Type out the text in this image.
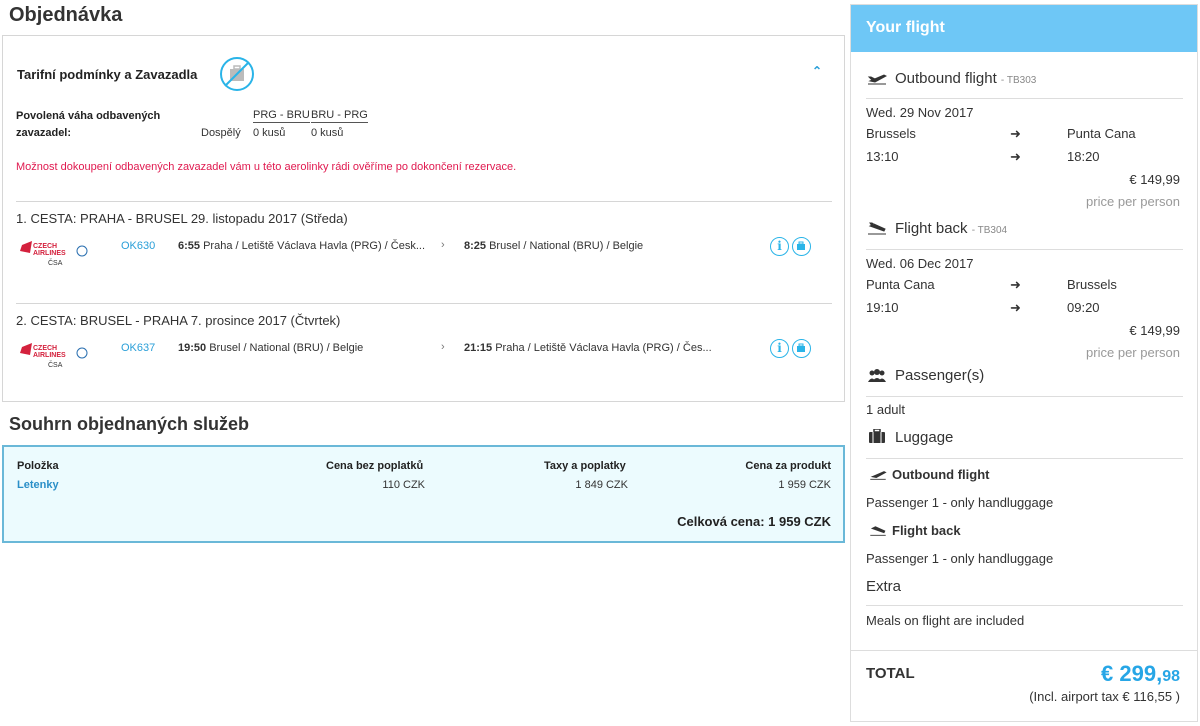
Objednávka
Tarifní podmínky a Zavazadla	⌃
Povolená váha odbavených zavazadel:
PRG - BRU BRU - PRG
Dospělý 0 kusů 0 kusů
Možnost dokoupení odbavených zavazadel vám u této aerolinky rádi ověříme po dokončení rezervace.
1. CESTA: PRAHA - BRUSEL 29. listopadu 2017 (Středa)
CZECH
AIRLINES
ČSA
OK630 6:55 Praha / Letiště Václava Havla (PRG) / Česk... › 8:25 Brusel / National (BRU) / Belgie	i
2. CESTA: BRUSEL - PRAHA 7. prosince 2017 (Čtvrtek)
CZECH
AIRLINES
ČSA
OK637 19:50 Brusel / National (BRU) / Belgie	› 21:15 Praha / Letiště Václava Havla (PRG) / Čes...	i
Souhrn objednaných služeb
Položka	Cena bez poplatků	Taxy a poplatky	Cena za produkt
Letenky	110 CZK	1 849 CZK	1 959 CZK
Celková cena: 1 959 CZK
Your flight
Outbound flight - TB303
Wed. 29 Nov 2017
Brussels	➜	Punta Cana
13:10	➜	18:20
€ 149,99
price per person
Flight back - TB304
Wed. 06 Dec 2017
Punta Cana	➜	Brussels
19:10	➜	09:20
€ 149,99
price per person
Passenger(s)
1 adult
Luggage
Outbound flight
Passenger 1 - only handluggage
Flight back
Passenger 1 - only handluggage
Extra
Meals on flight are included
TOTAL	€ 299,98
(Incl. airport tax € 116,55 )
